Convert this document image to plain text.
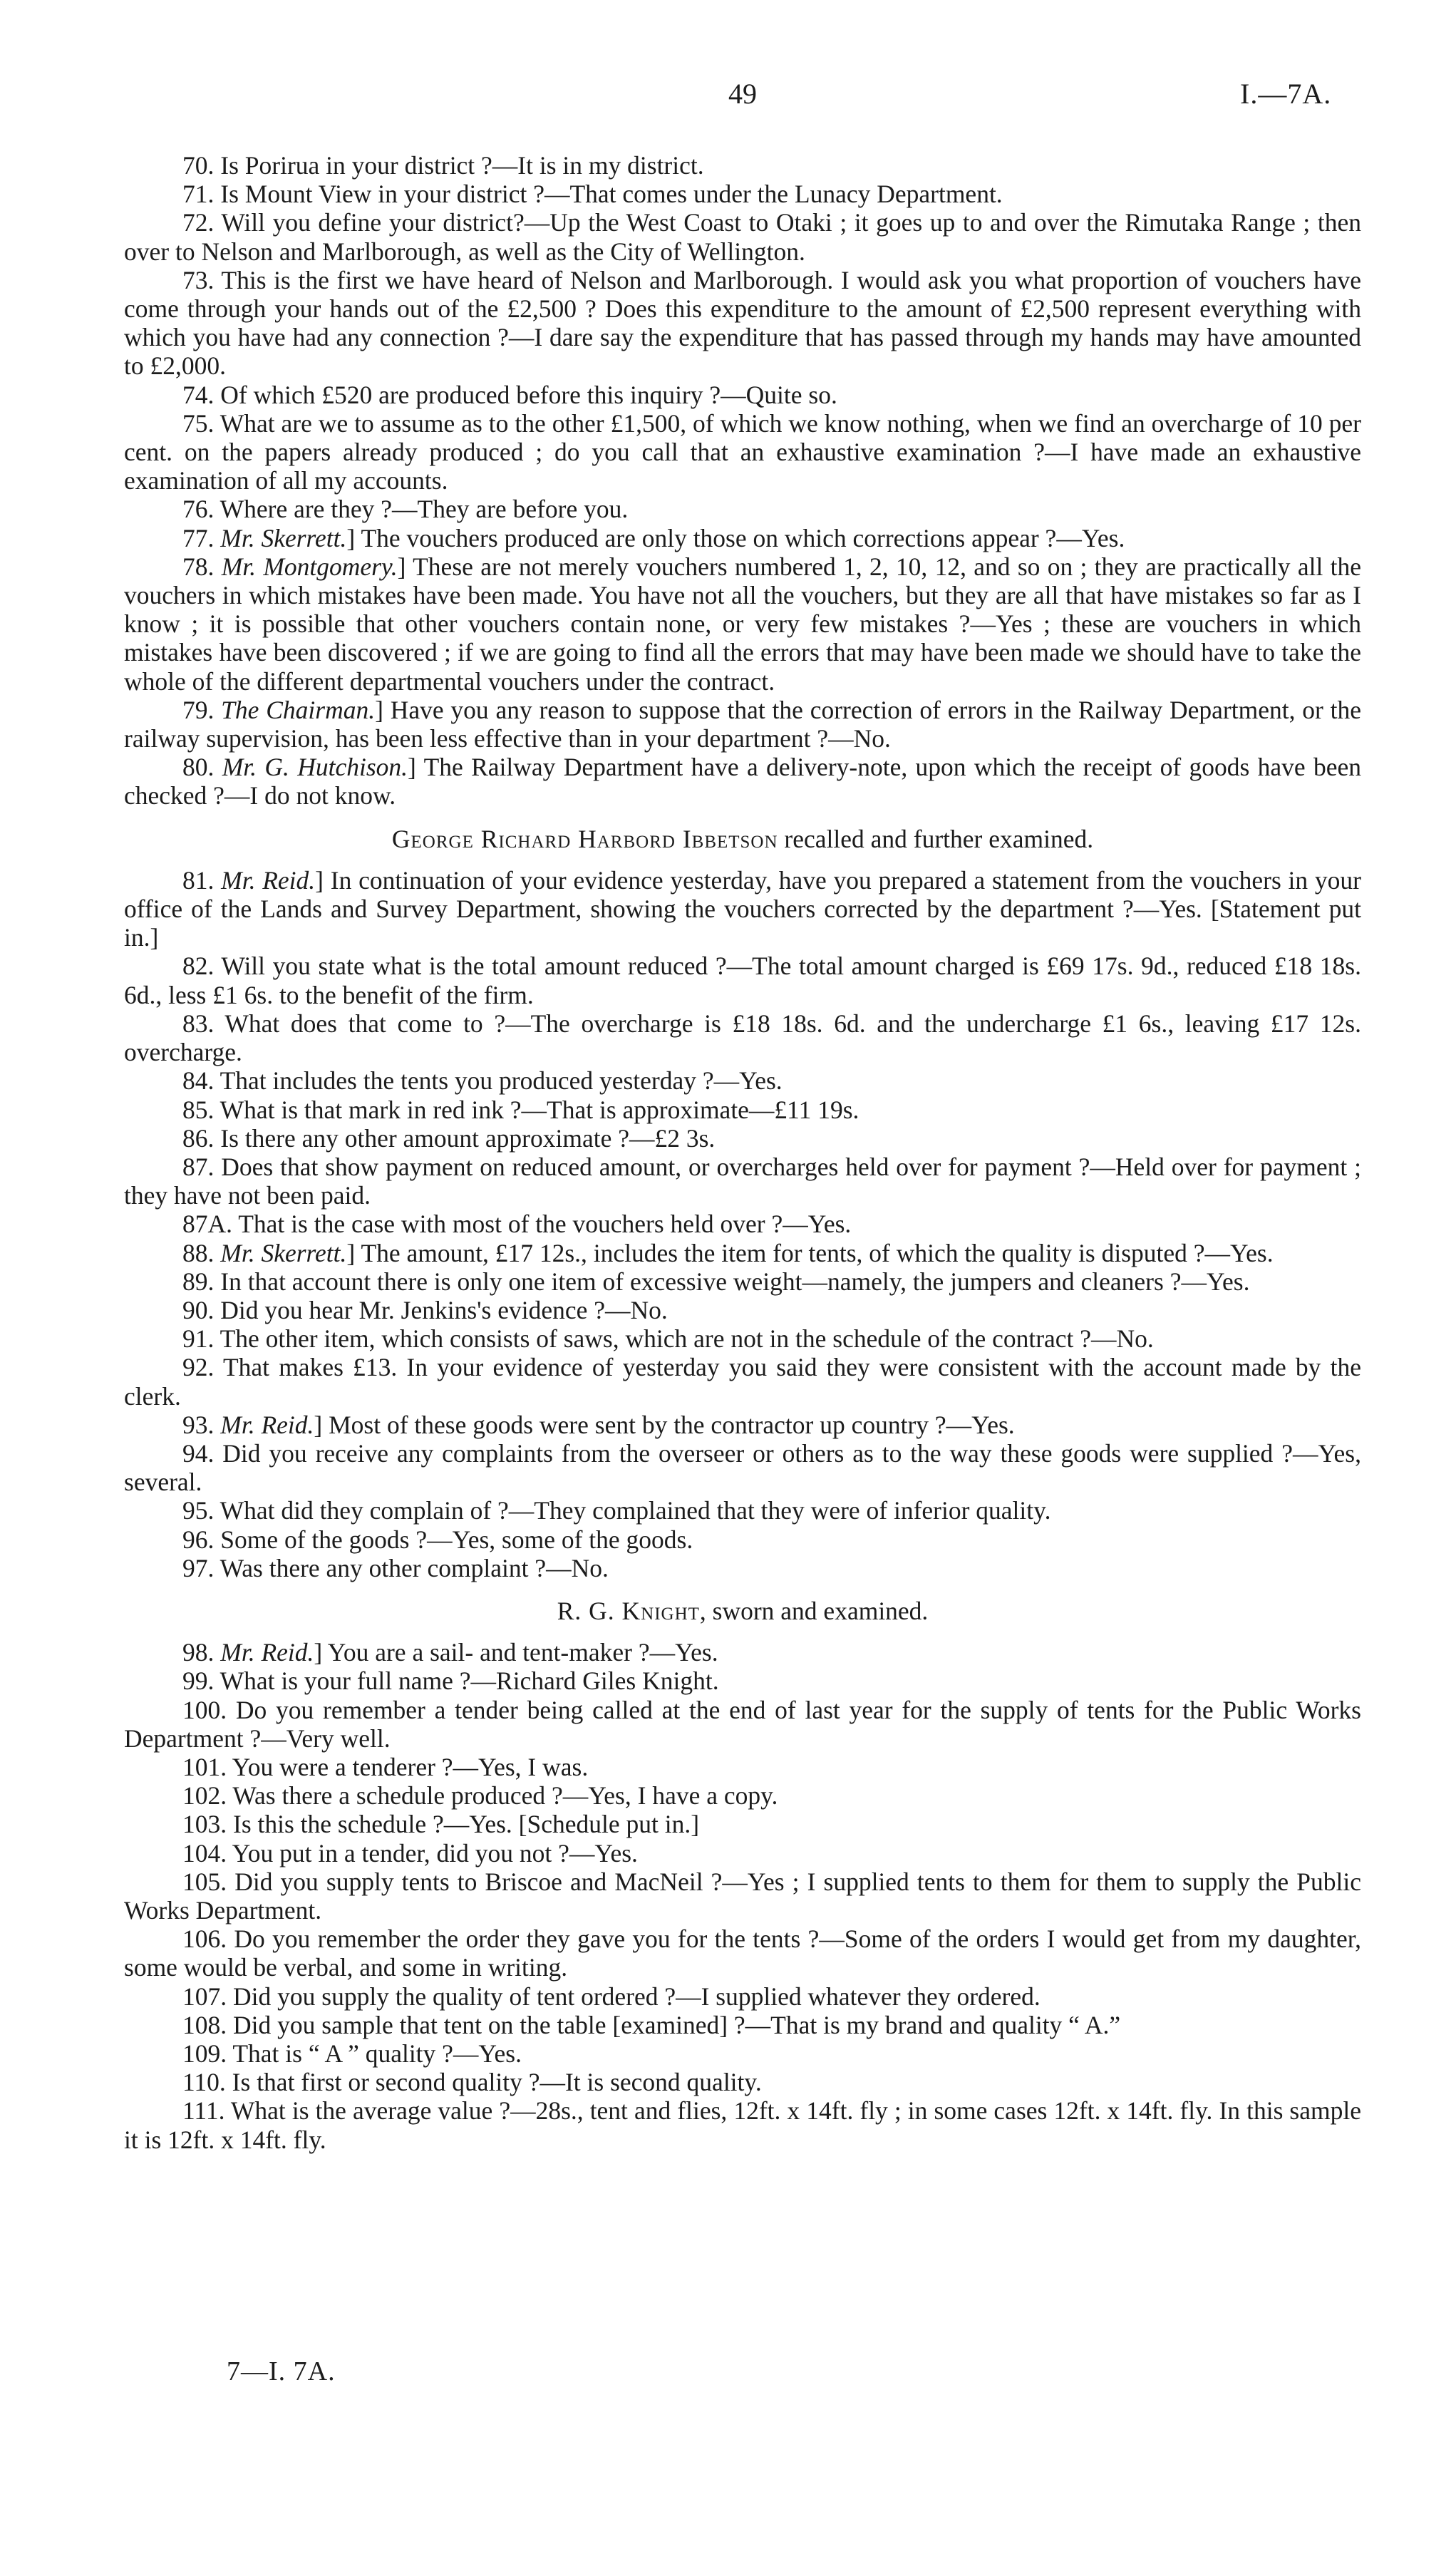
49	I.—7A.

70. Is Porirua in your district ?—It is in my district.

71. Is Mount View in your district ?—That comes under the Lunacy Department.

72. Will you define your district?—Up the West Coast to Otaki ; it goes up to and over the Rimutaka Range ; then over to Nelson and Marlborough, as well as the City of Wellington.

73. This is the first we have heard of Nelson and Marlborough. I would ask you what proportion of vouchers have come through your hands out of the £2,500 ? Does this expenditure to the amount of £2,500 represent everything with which you have had any connection ?—I dare say the expenditure that has passed through my hands may have amounted to £2,000.

74. Of which £520 are produced before this inquiry ?—Quite so.

75. What are we to assume as to the other £1,500, of which we know nothing, when we find an overcharge of 10 per cent. on the papers already produced ; do you call that an exhaustive examination ?—I have made an exhaustive examination of all my accounts.

76. Where are they ?—They are before you.

77. Mr. Skerrett.] The vouchers produced are only those on which corrections appear ?—Yes.

78. Mr. Montgomery.] These are not merely vouchers numbered 1, 2, 10, 12, and so on ; they are practically all the vouchers in which mistakes have been made. You have not all the vouchers, but they are all that have mistakes so far as I know ; it is possible that other vouchers contain none, or very few mistakes ?—Yes ; these are vouchers in which mistakes have been discovered ; if we are going to find all the errors that may have been made we should have to take the whole of the different departmental vouchers under the contract.

79. The Chairman.] Have you any reason to suppose that the correction of errors in the Railway Department, or the railway supervision, has been less effective than in your department ?—No.

80. Mr. G. Hutchison.] The Railway Department have a delivery-note, upon which the receipt of goods have been checked ?—I do not know.

George Richard Harbord Ibbetson recalled and further examined.

81. Mr. Reid.] In continuation of your evidence yesterday, have you prepared a statement from the vouchers in your office of the Lands and Survey Department, showing the vouchers corrected by the department ?—Yes. [Statement put in.]

82. Will you state what is the total amount reduced ?—The total amount charged is £69 17s. 9d., reduced £18 18s. 6d., less £1 6s. to the benefit of the firm.

83. What does that come to ?—The overcharge is £18 18s. 6d. and the undercharge £1 6s., leaving £17 12s. overcharge.

84. That includes the tents you produced yesterday ?—Yes.

85. What is that mark in red ink ?—That is approximate—£11 19s.

86. Is there any other amount approximate ?—£2 3s.

87. Does that show payment on reduced amount, or overcharges held over for payment ?—Held over for payment ; they have not been paid.

87A. That is the case with most of the vouchers held over ?—Yes.

88. Mr. Skerrett.] The amount, £17 12s., includes the item for tents, of which the quality is disputed ?—Yes.

89. In that account there is only one item of excessive weight—namely, the jumpers and cleaners ?—Yes.

90. Did you hear Mr. Jenkins's evidence ?—No.

91. The other item, which consists of saws, which are not in the schedule of the contract ?—No.

92. That makes £13. In your evidence of yesterday you said they were consistent with the account made by the clerk.

93. Mr. Reid.] Most of these goods were sent by the contractor up country ?—Yes.

94. Did you receive any complaints from the overseer or others as to the way these goods were supplied ?—Yes, several.

95. What did they complain of ?—They complained that they were of inferior quality.

96. Some of the goods ?—Yes, some of the goods.

97. Was there any other complaint ?—No.

R. G. Knight, sworn and examined.

98. Mr. Reid.] You are a sail- and tent-maker ?—Yes.

99. What is your full name ?—Richard Giles Knight.

100. Do you remember a tender being called at the end of last year for the supply of tents for the Public Works Department ?—Very well.

101. You were a tenderer ?—Yes, I was.

102. Was there a schedule produced ?—Yes, I have a copy.

103. Is this the schedule ?—Yes. [Schedule put in.]

104. You put in a tender, did you not ?—Yes.

105. Did you supply tents to Briscoe and MacNeil ?—Yes ; I supplied tents to them for them to supply the Public Works Department.

106. Do you remember the order they gave you for the tents ?—Some of the orders I would get from my daughter, some would be verbal, and some in writing.

107. Did you supply the quality of tent ordered ?—I supplied whatever they ordered.

108. Did you sample that tent on the table [examined] ?—That is my brand and quality “ A.”

109. That is “ A ” quality ?—Yes.

110. Is that first or second quality ?—It is second quality.

111. What is the average value ?—28s., tent and flies, 12ft. x 14ft. fly ; in some cases 12ft. x 14ft. fly. In this sample it is 12ft. x 14ft. fly.

7—I. 7A.
